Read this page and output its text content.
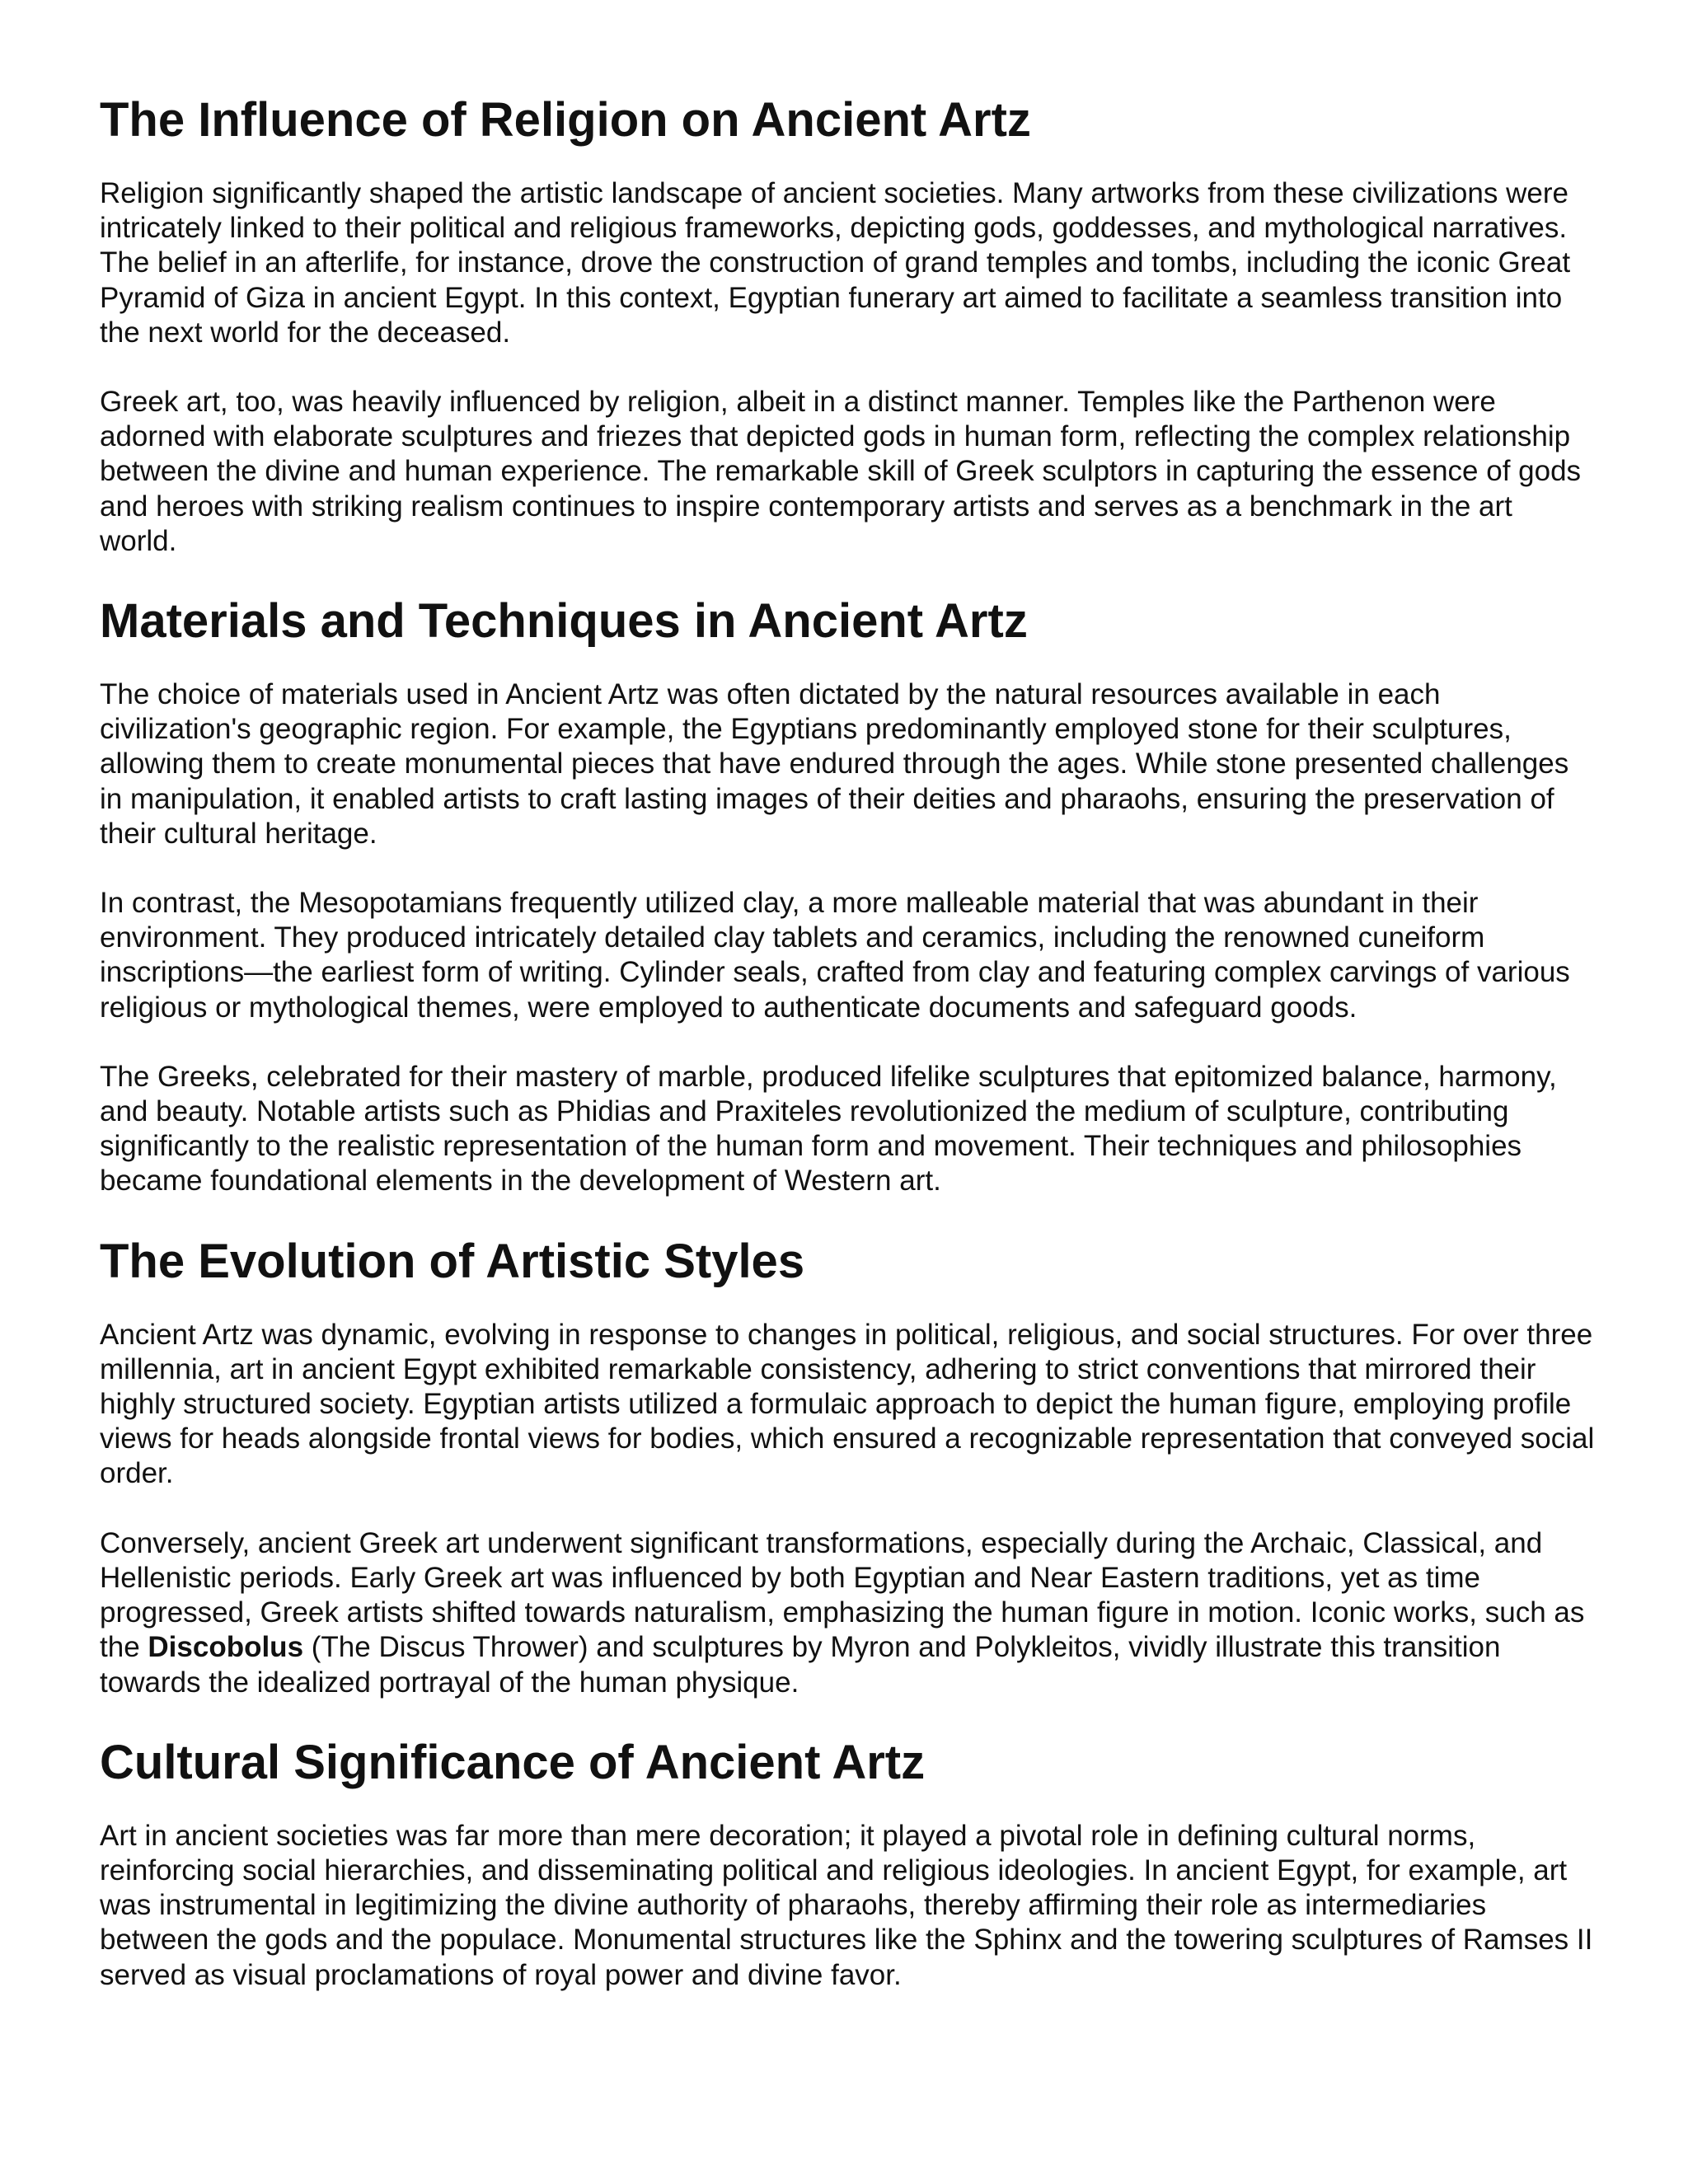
The Influence of Religion on Ancient Artz

Religion significantly shaped the artistic landscape of ancient societies. Many artworks from these civilizations were intricately linked to their political and religious frameworks, depicting gods, goddesses, and mythological narratives. The belief in an afterlife, for instance, drove the construction of grand temples and tombs, including the iconic Great Pyramid of Giza in ancient Egypt. In this context, Egyptian funerary art aimed to facilitate a seamless transition into the next world for the deceased.

Greek art, too, was heavily influenced by religion, albeit in a distinct manner. Temples like the Parthenon were adorned with elaborate sculptures and friezes that depicted gods in human form, reflecting the complex relationship between the divine and human experience. The remarkable skill of Greek sculptors in capturing the essence of gods and heroes with striking realism continues to inspire contemporary artists and serves as a benchmark in the art world.

Materials and Techniques in Ancient Artz

The choice of materials used in Ancient Artz was often dictated by the natural resources available in each civilization's geographic region. For example, the Egyptians predominantly employed stone for their sculptures, allowing them to create monumental pieces that have endured through the ages. While stone presented challenges in manipulation, it enabled artists to craft lasting images of their deities and pharaohs, ensuring the preservation of their cultural heritage.

In contrast, the Mesopotamians frequently utilized clay, a more malleable material that was abundant in their environment. They produced intricately detailed clay tablets and ceramics, including the renowned cuneiform inscriptions—the earliest form of writing. Cylinder seals, crafted from clay and featuring complex carvings of various religious or mythological themes, were employed to authenticate documents and safeguard goods.

The Greeks, celebrated for their mastery of marble, produced lifelike sculptures that epitomized balance, harmony, and beauty. Notable artists such as Phidias and Praxiteles revolutionized the medium of sculpture, contributing significantly to the realistic representation of the human form and movement. Their techniques and philosophies became foundational elements in the development of Western art.

The Evolution of Artistic Styles

Ancient Artz was dynamic, evolving in response to changes in political, religious, and social structures. For over three millennia, art in ancient Egypt exhibited remarkable consistency, adhering to strict conventions that mirrored their highly structured society. Egyptian artists utilized a formulaic approach to depict the human figure, employing profile views for heads alongside frontal views for bodies, which ensured a recognizable representation that conveyed social order.

Conversely, ancient Greek art underwent significant transformations, especially during the Archaic, Classical, and Hellenistic periods. Early Greek art was influenced by both Egyptian and Near Eastern traditions, yet as time progressed, Greek artists shifted towards naturalism, emphasizing the human figure in motion. Iconic works, such as the Discobolus (The Discus Thrower) and sculptures by Myron and Polykleitos, vividly illustrate this transition towards the idealized portrayal of the human physique.

Cultural Significance of Ancient Artz

Art in ancient societies was far more than mere decoration; it played a pivotal role in defining cultural norms, reinforcing social hierarchies, and disseminating political and religious ideologies. In ancient Egypt, for example, art was instrumental in legitimizing the divine authority of pharaohs, thereby affirming their role as intermediaries between the gods and the populace. Monumental structures like the Sphinx and the towering sculptures of Ramses II served as visual proclamations of royal power and divine favor.
